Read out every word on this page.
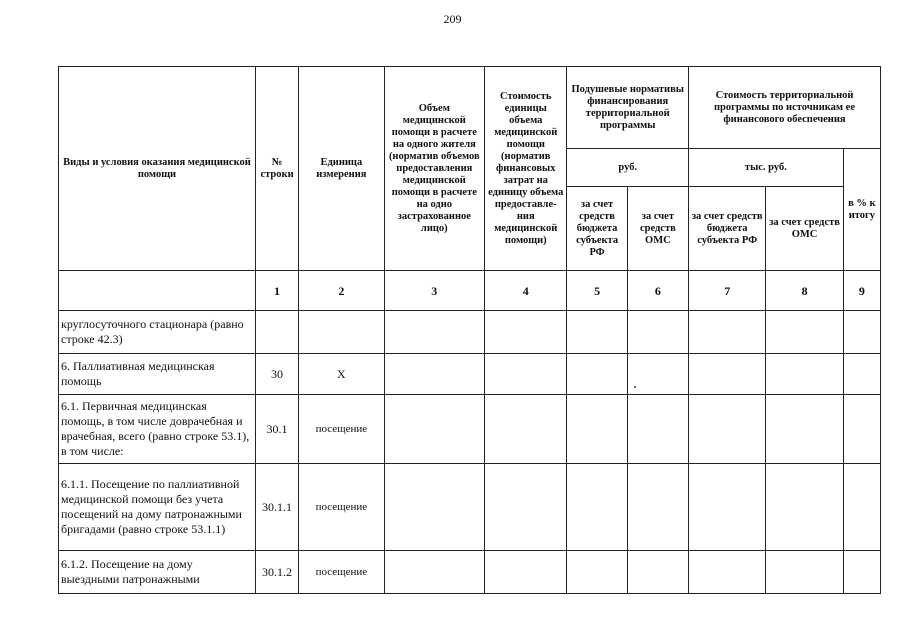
209
Виды и условия оказания медицинской помощи	№ строки	Единица измерения	Объем медицинской помощи в расчете на одного жителя (норматив объемов предоставления медицинской помощи в расчете на одно застрахованное лицо)	Стоимость единицы объема медицинской помощи (норматив финансовых затрат на единицу объема предоставле-ния медицинской помощи)	Подушевые нормативы финансирования территориальной программы		Стоимость территориальной программы по источникам ее финансового обеспечения		
					руб.		тыс. руб.		в % к итогу
					за счет средств бюджета субъекта РФ	за счет средств ОМС	за счет средств бюджета субъекта РФ	за счет средств ОМС	
	1	2	3	4	5	6	7	8	9
круглосуточного стационара (равно строке 42.3)									
6. Паллиативная медицинская помощь	30	X							
6.1. Первичная медицинская помощь, в том числе доврачебная и врачебная, всего (равно строке 53.1), в том числе:	30.1	посещение							
6.1.1. Посещение по паллиативной медицинской помощи без учета посещений на дому патронажными бригадами (равно строке 53.1.1)	30.1.1	посещение							
6.1.2. Посещение на дому выездными патронажными	30.1.2	посещение							
